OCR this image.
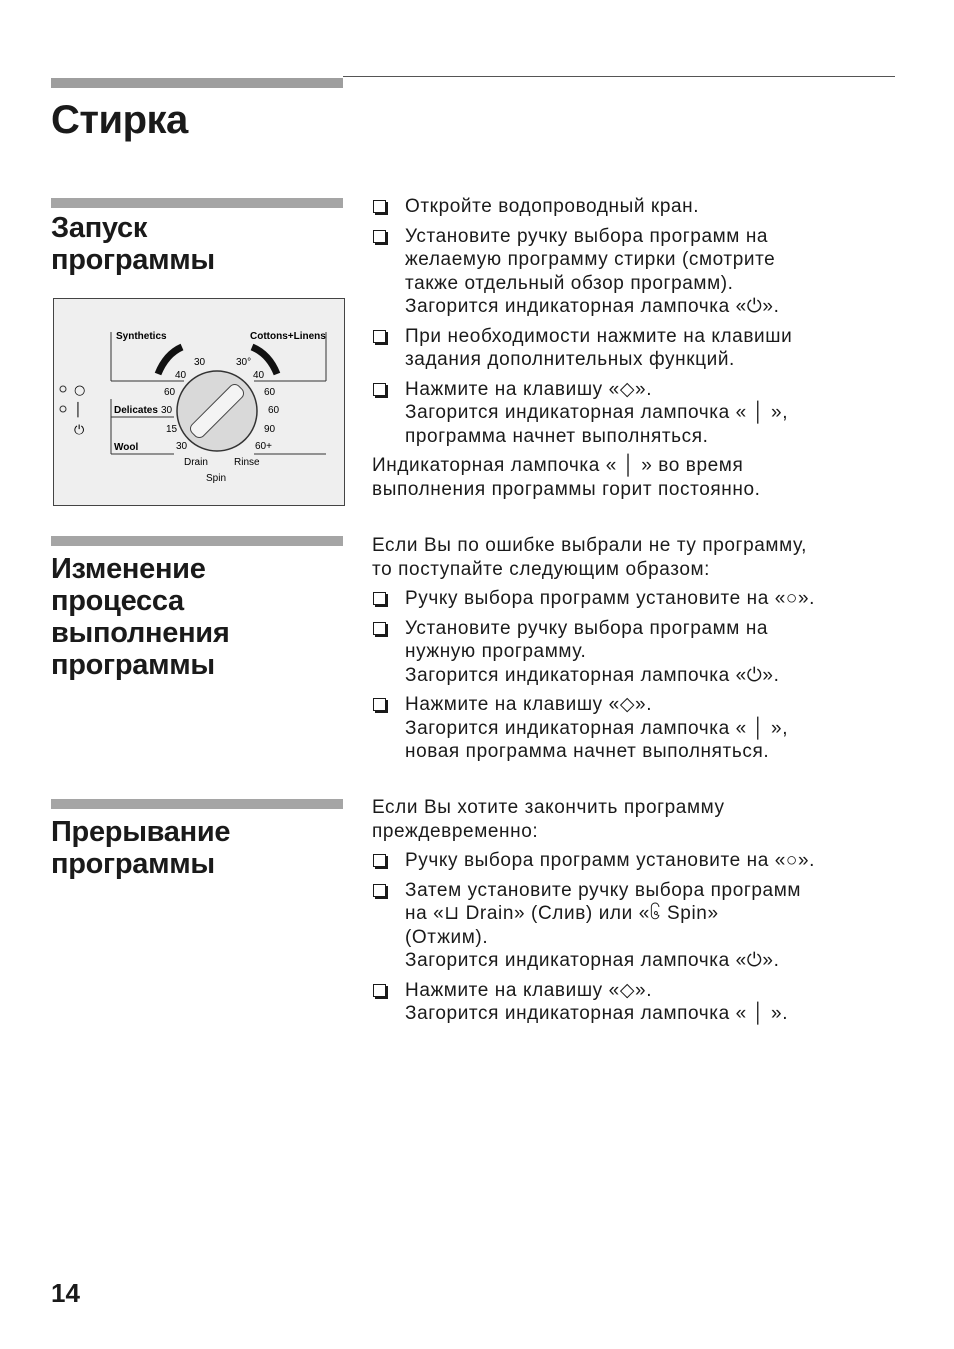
Стирка
Запуск
программы
Synthetics	Cottons+Linens
Delicates
Wool
Drain	Rinse
Spin
30
40
60
30
15
30
30°
40
60
60
90
60+
○
│
⏻
Откройте водопроводный кран.
Установите ручку выбора программ на
желаемую программу стирки (смотрите
также отдельный обзор программ).
Загорится индикаторная лампочка «⏻».
При необходимости нажмите на клавиши
задания дополнительных функций.
Нажмите на клавишу «◇».
Загорится индикаторная лампочка « │ »,
программа начнет выполняться.
Индикаторная лампочка « │ » во время
выполнения программы горит постоянно.
Изменение
процесса
выполнения
программы
Если Вы по ошибке выбрали не ту программу,
то поступайте следующим образом:
Ручку выбора программ установите на «○».
Установите ручку выбора программ на
нужную программу.
Загорится индикаторная лампочка «⏻».
Нажмите на клавишу «◇».
Загорится индикаторная лампочка « │ »,
новая программа начнет выполняться.
Прерывание
программы
Если Вы хотите закончить программу
преждевременно:
Ручку выбора программ установите на «○».
Затем установите ручку выбора программ
на «⊔ Drain» (Слив) или «၆ Spin»
(Отжим).
Загорится индикаторная лампочка «⏻».
Нажмите на клавишу «◇».
Загорится индикаторная лампочка « │ ».
14
